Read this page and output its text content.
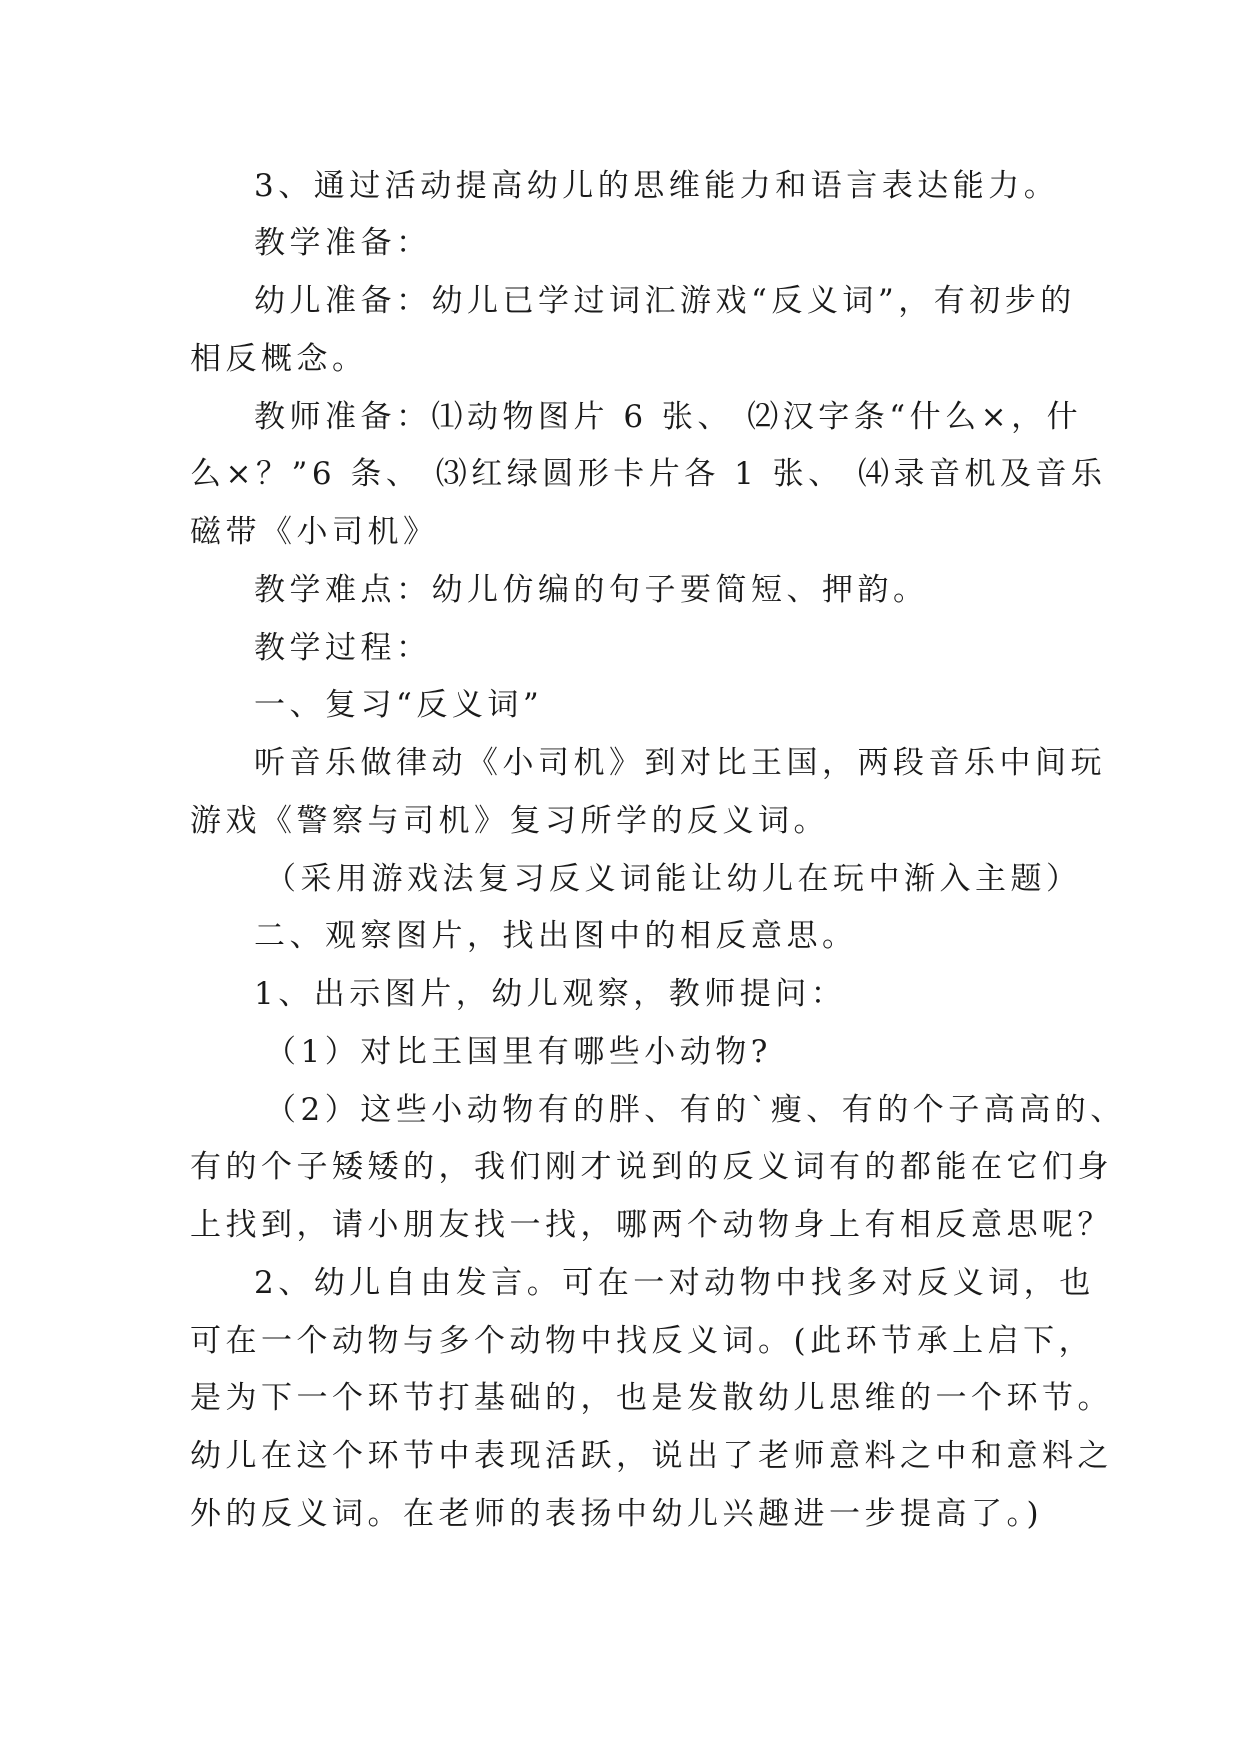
3、通过活动提高幼儿的思维能力和语言表达能力。
教学准备：
幼儿准备：幼儿已学过词汇游戏“反义词”，有初步的
相反概念。
教师准备：⑴动物图片 6 张、 ⑵汉字条“什么×，什
么×？”6 条、 ⑶红绿圆形卡片各 1 张、 ⑷录音机及音乐
磁带《小司机》
教学难点：幼儿仿编的句子要简短、押韵。
教学过程：
一、复习“反义词”
听音乐做律动《小司机》到对比王国，两段音乐中间玩
游戏《警察与司机》复习所学的反义词。
（采用游戏法复习反义词能让幼儿在玩中渐入主题）
二、观察图片，找出图中的相反意思。
1、出示图片，幼儿观察，教师提问：
（1）对比王国里有哪些小动物?
（2）这些小动物有的胖、有的`瘦、有的个子高高的、
有的个子矮矮的，我们刚才说到的反义词有的都能在它们身
上找到，请小朋友找一找，哪两个动物身上有相反意思呢？
2、幼儿自由发言。可在一对动物中找多对反义词，也
可在一个动物与多个动物中找反义词。(此环节承上启下，
是为下一个环节打基础的，也是发散幼儿思维的一个环节。
幼儿在这个环节中表现活跃，说出了老师意料之中和意料之
外的反义词。在老师的表扬中幼儿兴趣进一步提高了。)
